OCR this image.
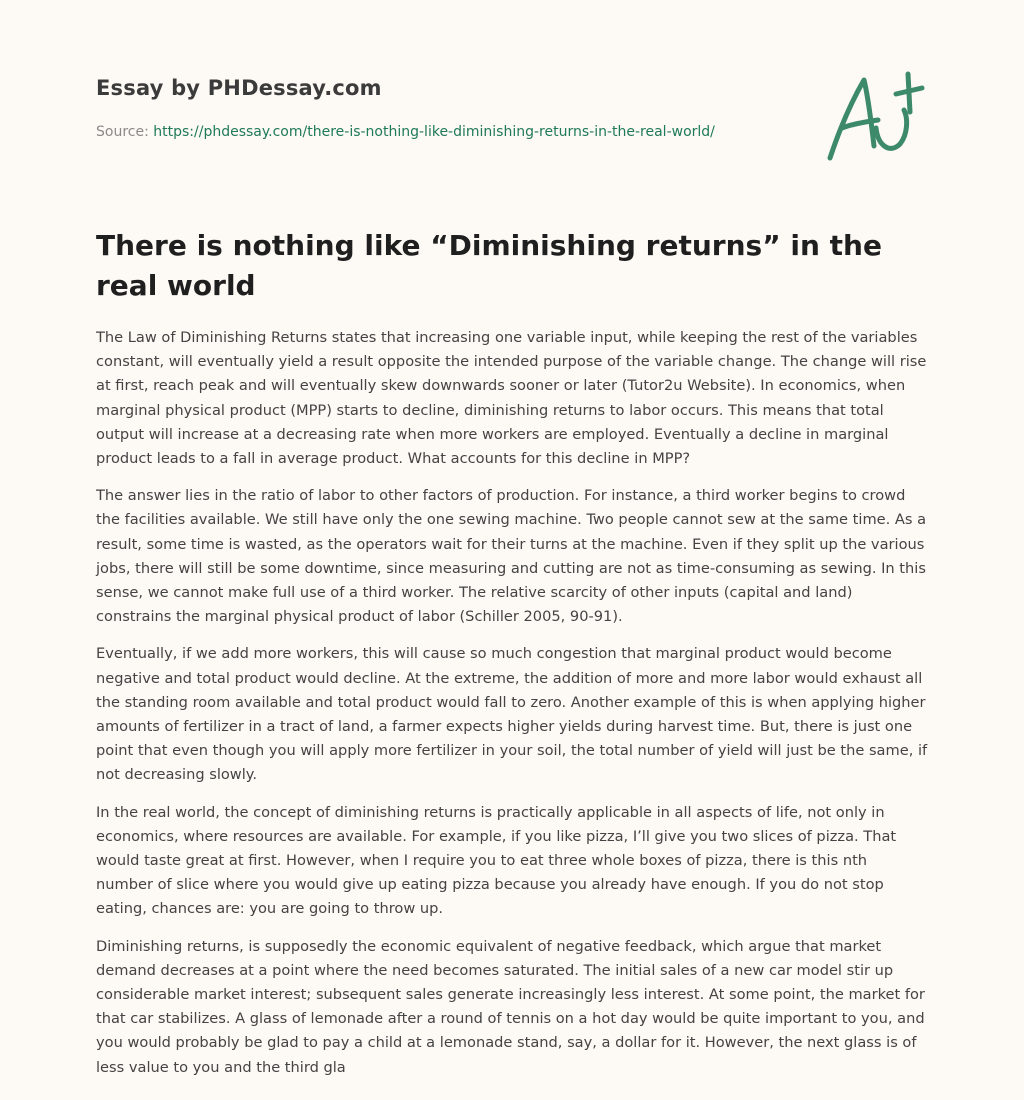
Essay by PHDessay.com
Source: https://phdessay.com/there-is-nothing-like-diminishing-returns-in-the-real-world/
There is nothing like “Diminishing returns” in the real world

The Law of Diminishing Returns states that increasing one variable input, while keeping the rest of the variables constant, will eventually yield a result opposite the intended purpose of the variable change. The change will rise at first, reach peak and will eventually skew downwards sooner or later (Tutor2u Website). In economics, when marginal physical product (MPP) starts to decline, diminishing returns to labor occurs. This means that total output will increase at a decreasing rate when more workers are employed. Eventually a decline in marginal product leads to a fall in average product. What accounts for this decline in MPP?

The answer lies in the ratio of labor to other factors of production. For instance, a third worker begins to crowd the facilities available. We still have only the one sewing machine. Two people cannot sew at the same time. As a result, some time is wasted, as the operators wait for their turns at the machine. Even if they split up the various jobs, there will still be some downtime, since measuring and cutting are not as time-consuming as sewing. In this sense, we cannot make full use of a third worker. The relative scarcity of other inputs (capital and land) constrains the marginal physical product of labor (Schiller 2005, 90-91).

Eventually, if we add more workers, this will cause so much congestion that marginal product would become negative and total product would decline. At the extreme, the addition of more and more labor would exhaust all the standing room available and total product would fall to zero. Another example of this is when applying higher amounts of fertilizer in a tract of land, a farmer expects higher yields during harvest time. But, there is just one point that even though you will apply more fertilizer in your soil, the total number of yield will just be the same, if not decreasing slowly.

In the real world, the concept of diminishing returns is practically applicable in all aspects of life, not only in economics, where resources are available. For example, if you like pizza, I’ll give you two slices of pizza. That would taste great at first. However, when I require you to eat three whole boxes of pizza, there is this nth number of slice where you would give up eating pizza because you already have enough. If you do not stop eating, chances are: you are going to throw up.

Diminishing returns, is supposedly the economic equivalent of negative feedback, which argue that market demand decreases at a point where the need becomes saturated. The initial sales of a new car model stir up considerable market interest; subsequent sales generate increasingly less interest. At some point, the market for that car stabilizes. A glass of lemonade after a round of tennis on a hot day would be quite important to you, and you would probably be glad to pay a child at a lemonade stand, say, a dollar for it. However, the next glass is of less value to you and the third gla
